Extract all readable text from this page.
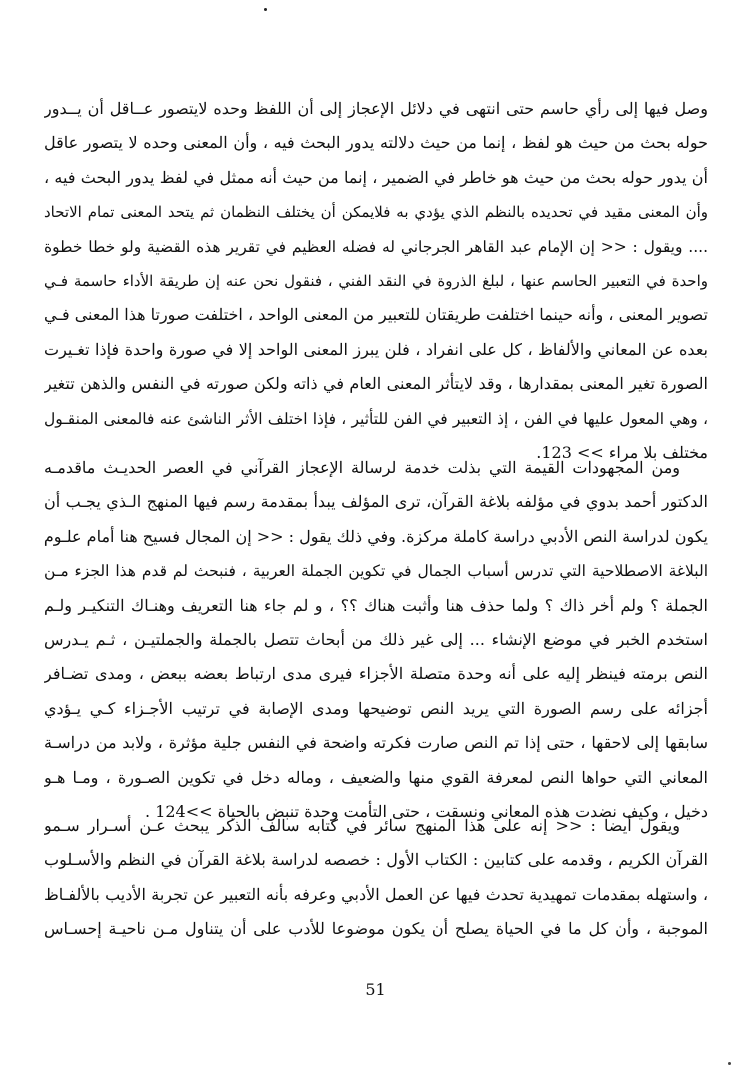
وصل فيها إلى رأي حاسم حتى انتهى في دلائل الإعجاز إلى أن اللفظ وحده لايتصور عــاقل أن يــدور
حوله بحث من حيث هو لفظ ، إنما من حيث دلالته يدور البحث فيه ، وأن المعنى وحده لا يتصور عاقل
أن يدور حوله بحث من حيث هو خاطر في الضمير ، إنما من حيث أنه ممثل في لفظ يدور البحث فيه ،
وأن المعنى مقيد في تحديده بالنظم الذي يؤدي به فلايمكن أن يختلف النظمان ثم يتحد المعنى تمام الاتحاد
.... ويقول : << إن الإمام عبد القاهر الجرجاني له فضله العظيم في تقرير هذه القضية ولو خطا خطوة
واحدة في التعبير الحاسم عنها ، لبلغ الذروة في النقد الفني ، فنقول نحن عنه إن طريقة الأداء حاسمة فـي
تصوير المعنى ، وأنه حينما اختلفت طريقتان للتعبير من المعنى الواحد ، اختلفت صورتا هذا المعنى فـي
بعده عن المعاني والألفاظ ، كل على انفراد ، فلن يبرز المعنى الواحد إلا في صورة واحدة فإذا تغـيرت
الصورة تغير المعنى بمقدارها ، وقد لايتأثر المعنى العام في ذاته ولكن صورته في النفس والذهن تتغير
، وهي المعول عليها في الفن ، إذ التعبير في الفن للتأثير ، فإذا اختلف الأثر الناشئ عنه فالمعنى المنقـول
مختلف بلا مراء >> 123.
ومن المجهودات القيمة التي بذلت خدمة لرسالة الإعجاز القرآني في العصر الحديـث ماقدمـه
الدكتور أحمد بدوي في مؤلفه بلاغة القرآن، ترى المؤلف يبدأ بمقدمة رسم فيها المنهج الـذي يجـب أن
يكون لدراسة النص الأدبي دراسة كاملة مركزة. وفي ذلك يقول : << إن المجال فسيح هنا أمام علـوم
البلاغة الاصطلاحية التي تدرس أسباب الجمال في تكوين الجملة العربية ، فنبحث لم قدم هذا الجزء مـن
الجملة ؟ ولم أخر ذاك ؟ ولما حذف هنا وأثبت هناك ؟؟ ، و لم جاء هنا التعريف وهنـاك التنكيـر ولـم
استخدم الخبر في موضع الإنشاء ... إلى غير ذلك من أبحاث تتصل بالجملة والجملتيـن ، ثـم يـدرس
النص برمته فينظر إليه على أنه وحدة متصلة الأجزاء فيرى مدى ارتباط بعضه ببعض ، ومدى تضـافر
أجزائه على رسم الصورة التي يريد النص توضيحها ومدى الإصابة في ترتيب الأجـزاء كـي يـؤدي
سابقها إلى لاحقها ، حتى إذا تم النص صارت فكرته واضحة في النفس جلية مؤثرة ، ولابد من دراسـة
المعاني التي حواها النص لمعرفة القوي منها والضعيف ، وماله دخل في تكوين الصـورة ، ومـا هـو
دخيل ، وكيف نضدت هذه المعاني ونسقت ، حتى التأمت وحدة تنبض بالحياة >>124 .
ويقول أيضا : << إنه على هذا المنهج سائر في كتابه سالف الذكر يبحث عـن أسـرار سـمو
القرآن الكريم ، وقدمه على كتابين : الكتاب الأول : خصصه لدراسة بلاغة القرآن في النظم والأسـلوب
، واستهله بمقدمات تمهيدية تحدث فيها عن العمل الأدبي وعرفه بأنه التعبير عن تجربة الأديب بالألفـاظ
الموجبة ، وأن كل ما في الحياة يصلح أن يكون موضوعا للأدب على أن يتناول مـن ناحيـة إحسـاس
51
